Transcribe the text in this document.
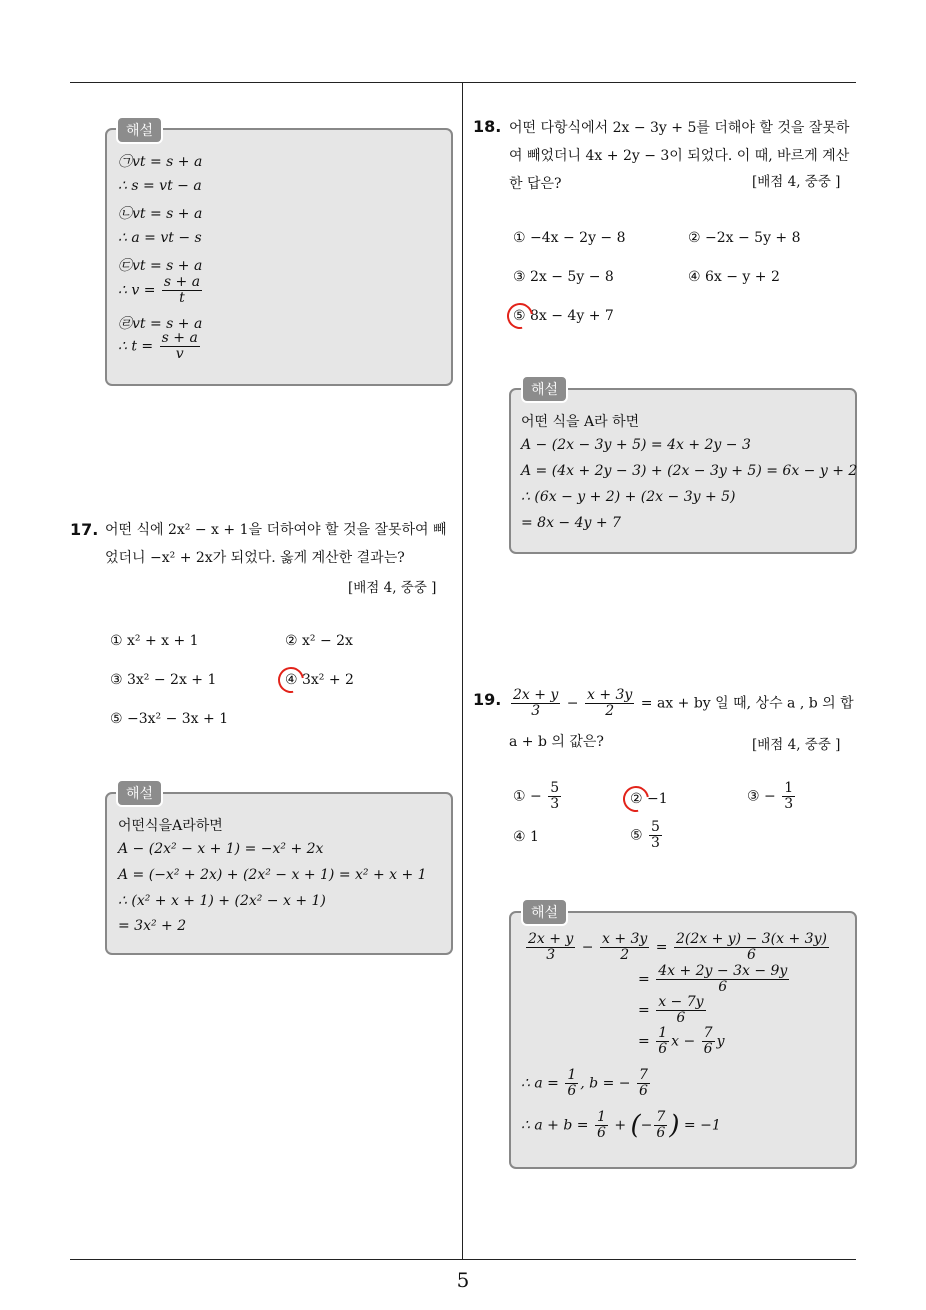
해설
㉠vt = s + a
∴ s = vt − a
㉡vt = s + a
∴ a = vt − s
㉢vt = s + a
∴ $v = \frac{s + a}{t}$
㉣vt = s + a
∴ $t = \frac{s + a}{v}$
17. 어떤 식에 2x² − x + 1을 더하여야 할 것을 잘못하여 빼었더니 −x² + 2x가 되었다. 옳게 계산한 결과는?
[배점 4, 중중 ]
① x² + x + 1	② x² − 2x
③ 3x² − 2x + 1	④ 3x² + 2
⑤ −3x² − 3x + 1
해설
어떤식을A라하면
A − (2x² − x + 1) = −x² + 2x
A = (−x² + 2x) + (2x² − x + 1) = x² + x + 1
∴ (x² + x + 1) + (2x² − x + 1)
= 3x² + 2
18. 어떤 다항식에서 2x − 3y + 5를 더해야 할 것을 잘못하여 빼었더니 4x + 2y − 3이 되었다. 이 때, 바르게 계산한 답은?	[배점 4, 중중 ]
① −4x − 2y − 8	② −2x − 5y + 8
③ 2x − 5y − 8	④ 6x − y + 2
⑤ 8x − 4y + 7
해설
어떤 식을 A라 하면
A − (2x − 3y + 5) = 4x + 2y − 3
A = (4x + 2y − 3) + (2x − 3y + 5) = 6x − y + 2
∴ (6x − y + 2) + (2x − 3y + 5)
= 8x − 4y + 7
19. $\frac{2x + y}{3} - \frac{x + 3y}{2}$ = ax + by 일 때, 상수 a , b 의 합
a + b 의 값은?	[배점 4, 중중 ]
① − $\frac{5}{3}$	② −1	③ − $\frac{1}{3}$
④ 1	⑤ $\frac{5}{3}$
해설
$\frac{2x + y}{3} - \frac{x + 3y}{2} = \frac{2(2x + y) - 3(x + 3y)}{6}$
= $\frac{4x + 2y - 3x - 9y}{6}$
= $\frac{x - 7y}{6}$
= $\frac{1}{6}$ $x - \frac{7}{6}$ y
∴ $a = \frac{1}{6}$ , b = − $\frac{7}{6}$
∴ $a + b = \frac{1}{6}$ + (− $\frac{7}{6}$ ) = −1
5
